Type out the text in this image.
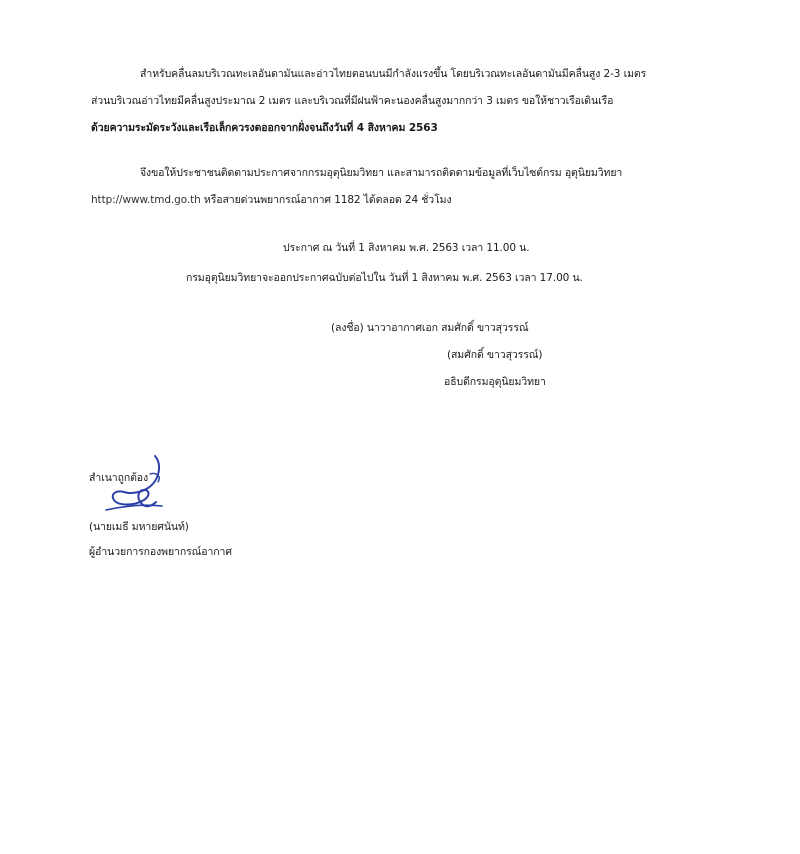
สำหรับคลื่นลมบริเวณทะเลอันดามันและอ่าวไทยตอนบนมีกำลังแรงขึ้น โดยบริเวณทะเลอันดามันมีคลื่นสูง 2-3 เมตร
ส่วนบริเวณอ่าวไทยมีคลื่นสูงประมาณ 2 เมตร และบริเวณที่มีฝนฟ้าคะนองคลื่นสูงมากกว่า 3 เมตร ขอให้ชาวเรือเดินเรือ
ด้วยความระมัดระวังและเรือเล็กควรงดออกจากฝั่งจนถึงวันที่ 4 สิงหาคม 2563
จึงขอให้ประชาชนติดตามประกาศจากกรมอุตุนิยมวิทยา และสามารถติดตามข้อมูลที่เว็บไซต์กรม อุตุนิยมวิทยา
http://www.tmd.go.th หรือสายด่วนพยากรณ์อากาศ 1182 ได้ตลอด 24 ชั่วโมง
ประกาศ ณ วันที่ 1 สิงหาคม พ.ศ. 2563 เวลา 11.00 น.
กรมอุตุนิยมวิทยาจะออกประกาศฉบับต่อไปใน วันที่ 1 สิงหาคม พ.ศ. 2563 เวลา 17.00 น.
(ลงชื่อ) นาวาอากาศเอก สมศักดิ์ ขาวสุวรรณ์
(สมศักดิ์ ขาวสุวรรณ์)
อธิบดีกรมอุตุนิยมวิทยา
สำเนาถูกต้อง
(นายเมธี มหายศนันท์)
ผู้อำนวยการกองพยากรณ์อากาศ
